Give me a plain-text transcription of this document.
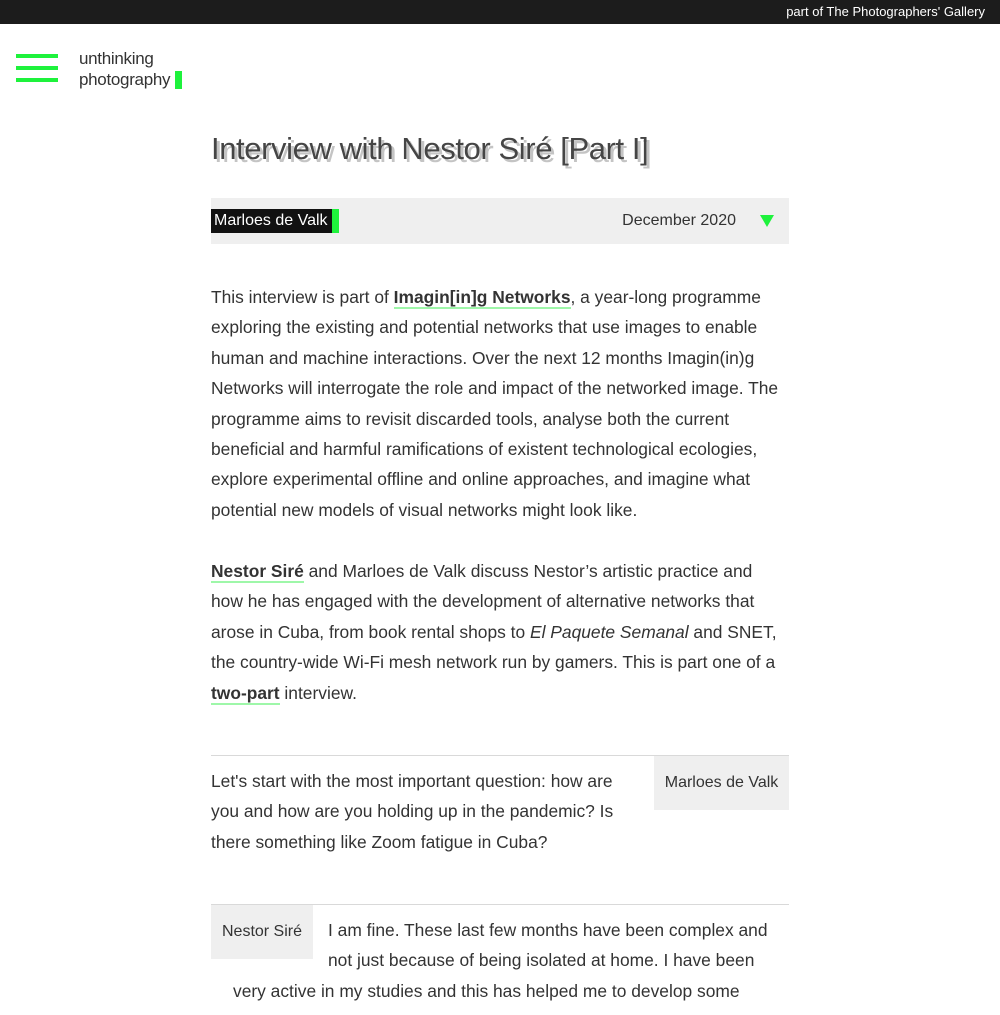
part of The Photographers' Gallery
unthinking
photography
Interview with Nestor Siré [Part I]
Marloes de Valk	December 2020

This interview is part of Imagin[in]g Networks, a year-long programme exploring the existing and potential networks that use images to enable human and machine interactions. Over the next 12 months Imagin(in)g Networks will interrogate the role and impact of the networked image. The programme aims to revisit discarded tools, analyse both the current beneficial and harmful ramifications of existent technological ecologies, explore experimental offline and online approaches, and imagine what potential new models of visual networks might look like.

Nestor Siré and Marloes de Valk discuss Nestor’s artistic practice and how he has engaged with the development of alternative networks that arose in Cuba, from book rental shops to El Paquete Semanal and SNET, the country-wide Wi-Fi mesh network run by gamers. This is part one of a two-part interview.

Let's start with the most important question: how are you and how are you holding up in the pandemic? Is there something like Zoom fatigue in Cuba?

Marloes de Valk
Nestor Siré	I am fine. These last few months have been complex and
not just because of being isolated at home. I have been
very active in my studies and this has helped me to develop some
